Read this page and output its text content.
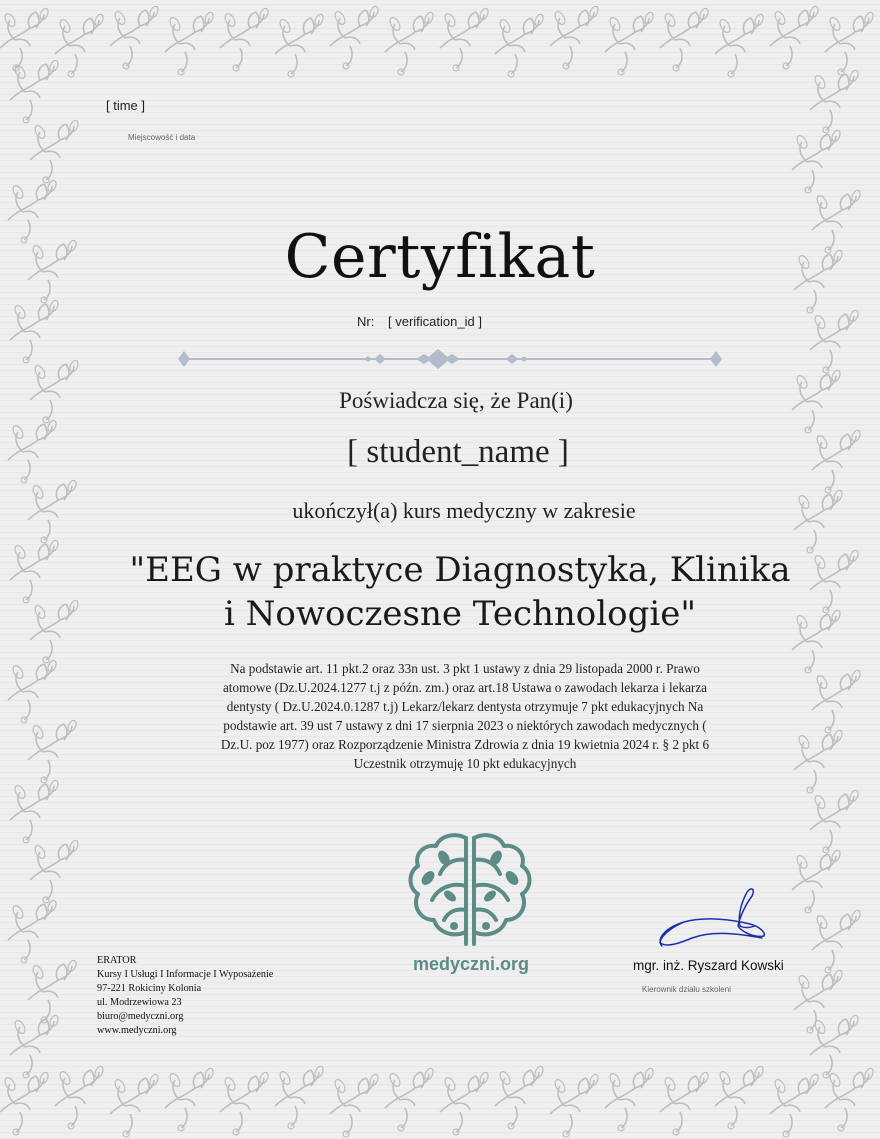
[ time ]
Miejscowość i data
Certyfikat
Nr: [ verification_id ]
Poświadcza się, że Pan(i)
[ student_name ]
ukończył(a) kurs medyczny w zakresie
"EEG w praktyce Diagnostyka, Klinika
i Nowoczesne Technologie"
Na podstawie art. 11 pkt.2 oraz 33n ust. 3 pkt 1 ustawy z dnia 29 listopada 2000 r. Prawo
atomowe (Dz.U.2024.1277 t.j z późn. zm.) oraz art.18 Ustawa o zawodach lekarza i lekarza
dentysty ( Dz.U.2024.0.1287 t.j) Lekarz/lekarz dentysta otrzymuje 7 pkt edukacyjnych Na
podstawie art. 39 ust 7 ustawy z dni 17 sierpnia 2023 o niektórych zawodach medycznych (
Dz.U. poz 1977) oraz Rozporządzenie Ministra Zdrowia z dnia 19 kwietnia 2024 r. § 2 pkt 6
Uczestnik otrzymuję 10 pkt edukacyjnych
medyczni.org	mgr. inż. Ryszard Kowski
Kierownik działu szkoleni
ERATOR
Kursy I Usługi I Informacje I Wyposażenie
97-221 Rokiciny Kolonia
ul. Modrzewiowa 23
biuro@medyczni.org
www.medyczni.org
